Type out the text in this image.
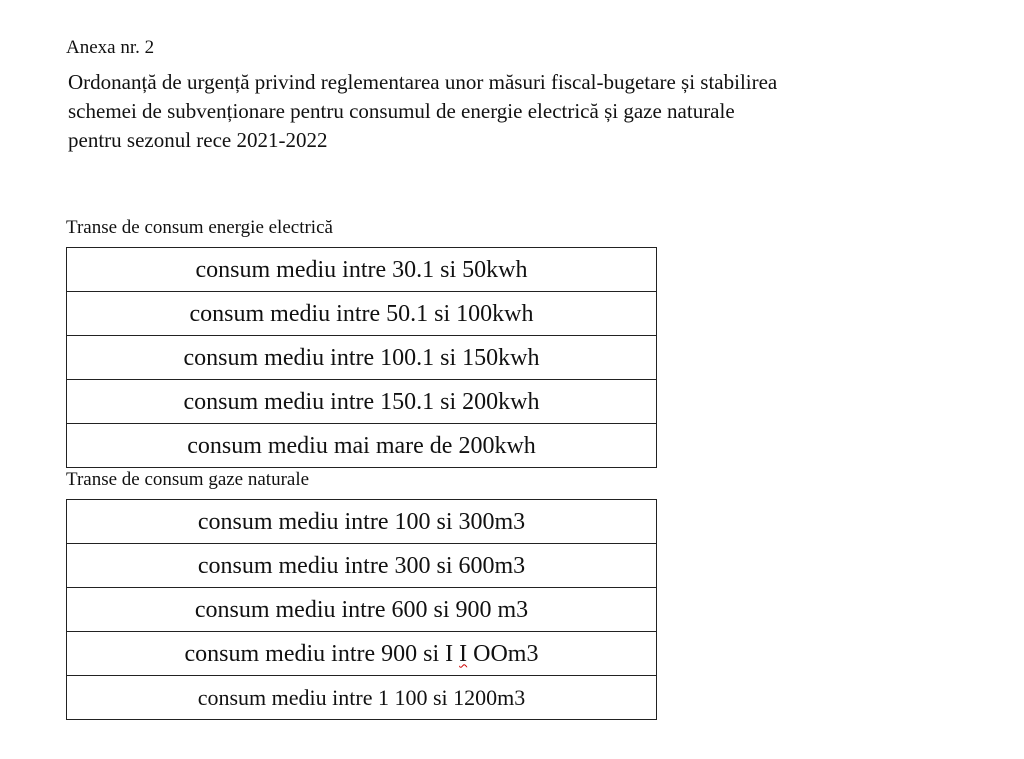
Anexa nr. 2

Ordonanță de urgență privind reglementarea unor măsuri fiscal-bugetare și stabilirea
schemei de subvenționare pentru consumul de energie electrică și gaze naturale
pentru sezonul rece 2021-2022

Transe de consum energie electrică

consum mediu intre 30.1 si 50kwh
consum mediu intre 50.1 si 100kwh
consum mediu intre 100.1 si 150kwh
consum mediu intre 150.1 si 200kwh
consum mediu mai mare de 200kwh

Transe de consum gaze naturale

consum mediu intre 100 si 300m3
consum mediu intre 300 si 600m3
consum mediu intre 600 si 900 m3
consum mediu intre 900 si I I OOm3
consum mediu intre 1 100 si 1200m3
